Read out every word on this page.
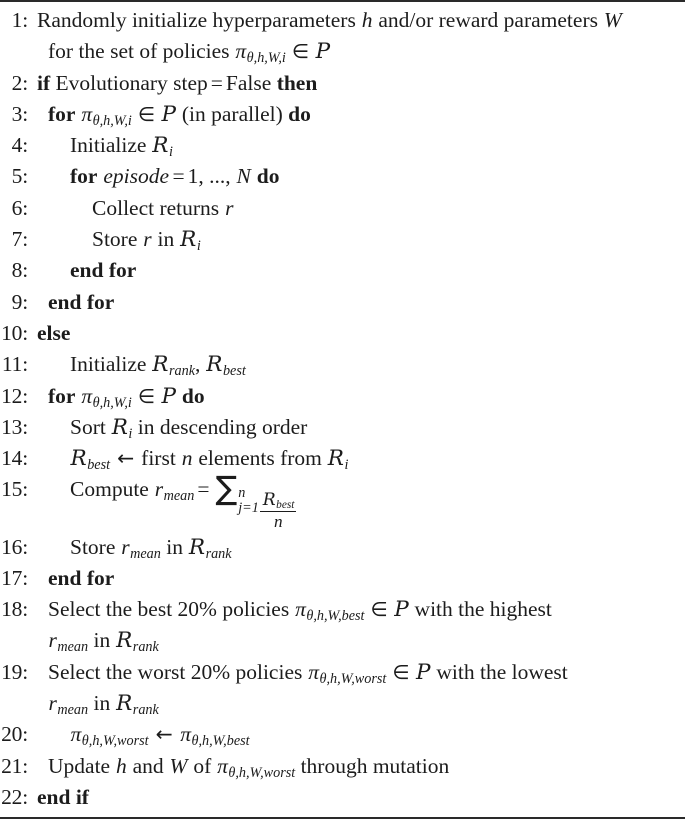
1: Randomly initialize hyperparameters h and/or reward parameters W
for the set of policies $\pi_{\theta,h,W,i}$ ∈ P
2: if Evolutionary step = False then
3: for $\pi_{\theta,h,W,i}$ ∈ P (in parallel) do
4:	Initialize $R_i$
5:	for episode = 1, ..., N do
6:	Collect returns r
7:	Store r in $R_i$
8:	end for
9: end for
10: else
11:	Initialize $R_{rank}$, $R_{best}$
12: for $\pi_{\theta,h,W,i}$ ∈ P do
13:	Sort $R_i$ in descending order
14:	$R_{best}$ ← first n elements from $R_i$
15:	Compute $r_{mean}$ = ∑ n
$j=1 \frac{R_{best}}{n}$
16:	Store $r_{mean}$ in $R_{rank}$
17: end for
18: Select the best 20% policies $\pi_{\theta,h,W,best}$ ∈ P with the highest
$r_{mean}$ in $R_{rank}$
19: Select the worst 20% policies $\pi_{\theta,h,W,worst}$ ∈ P with the lowest
$r_{mean}$ in $R_{rank}$
20:	$\pi_{\theta,h,W,worst}$ ← $\pi_{\theta,h,W,best}$
21: Update h and W of $\pi_{\theta,h,W,worst}$ through mutation
22: end if
